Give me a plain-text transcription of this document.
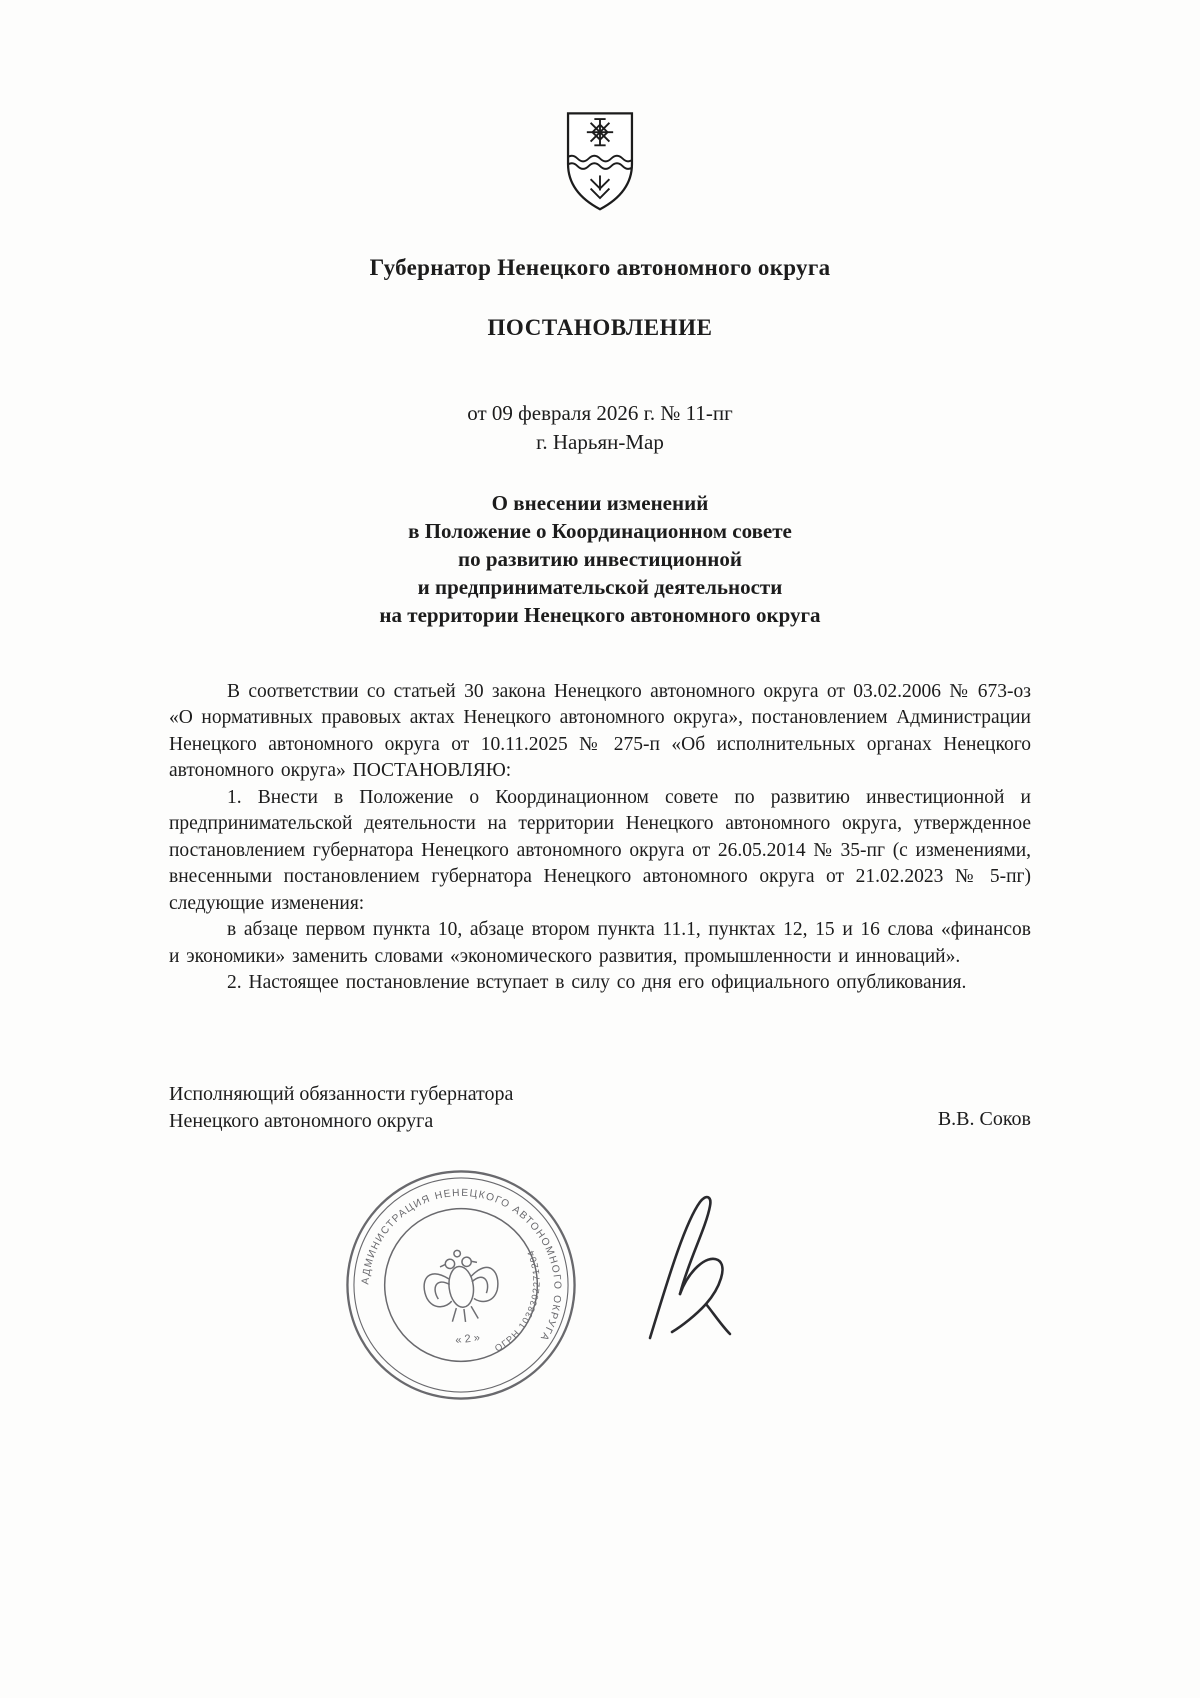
Губернатор Ненецкого автономного округа
ПОСТАНОВЛЕНИЕ
от 09 февраля 2026 г. № 11-пг
г. Нарьян-Мар
О внесении изменений
в Положение о Координационном совете
по развитию инвестиционной
и предпринимательской деятельности
на территории Ненецкого автономного округа

В соответствии со статьей 30 закона Ненецкого автономного округа от 03.02.2006 № 673-оз «О нормативных правовых актах Ненецкого автономного округа», постановлением Администрации Ненецкого автономного округа от 10.11.2025 № 275-п «Об исполнительных органах Ненецкого автономного округа» ПОСТАНОВЛЯЮ:

1. Внести в Положение о Координационном совете по развитию инвестиционной и предпринимательской деятельности на территории Ненецкого автономного округа, утвержденное постановлением губернатора Ненецкого автономного округа от 26.05.2014 № 35-пг (с изменениями, внесенными постановлением губернатора Ненецкого автономного округа от 21.02.2023 № 5-пг) следующие изменения:

в абзаце первом пункта 10, абзаце втором пункта 11.1, пунктах 12, 15 и 16 слова «финансов и экономики» заменить словами «экономического развития, промышленности и инноваций».

2. Настоящее постановление вступает в силу со дня его официального опубликования.

Исполняющий обязанности губернатора
Ненецкого автономного округа	В.В. Соков
АДМИНИСТРАЦИЯ НЕНЕЦКОГО АВТОНОМНОГО ОКРУГА
ОГРН 1038302271204
« 2 »
